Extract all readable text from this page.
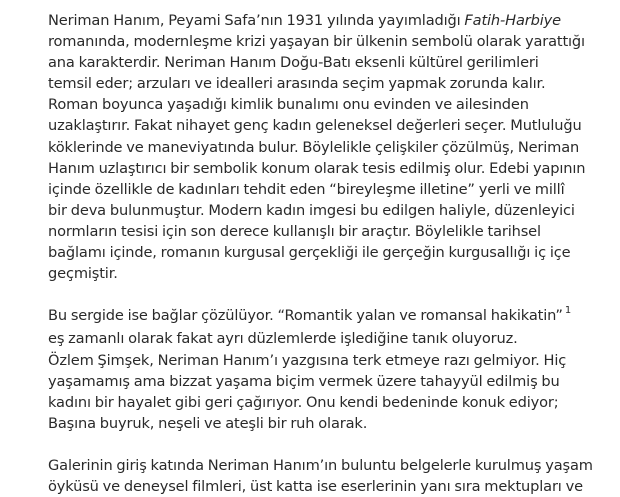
Neriman Hanım, Peyami Safa’nın 1931 yılında yayımladığı Fatih-Harbiye
romanında, modernleşme krizi yaşayan bir ülkenin sembolü olarak yarattığı
ana karakterdir. Neriman Hanım Doğu-Batı eksenli kültürel gerilimleri
temsil eder; arzuları ve idealleri arasında seçim yapmak zorunda kalır.
Roman boyunca yaşadığı kimlik bunalımı onu evinden ve ailesinden
uzaklaştırır. Fakat nihayet genç kadın geleneksel değerleri seçer. Mutluluğu
köklerinde ve maneviyatında bulur. Böylelikle çelişkiler çözülmüş, Neriman
Hanım uzlaştırıcı bir sembolik konum olarak tesis edilmiş olur. Edebi yapının
içinde özellikle de kadınları tehdit eden “bireyleşme illetine” yerli ve millî
bir deva bulunmuştur. Modern kadın imgesi bu edilgen haliyle, düzenleyici
normların tesisi için son derece kullanışlı bir araçtır. Böylelikle tarihsel
bağlamı içinde, romanın kurgusal gerçekliği ile gerçeğin kurgusallığı iç içe
geçmiştir.
Bu sergide ise bağlar çözülüyor. “Romantik yalan ve romansal hakikatin” $^1$
eş zamanlı olarak fakat ayrı düzlemlerde işlediğine tanık oluyoruz.
Özlem Şimşek, Neriman Hanım’ı yazgısına terk etmeye razı gelmiyor. Hiç
yaşamamış ama bizzat yaşama biçim vermek üzere tahayyül edilmiş bu
kadını bir hayalet gibi geri çağırıyor. Onu kendi bedeninde konuk ediyor;
Başına buyruk, neşeli ve ateşli bir ruh olarak.
Galerinin giriş katında Neriman Hanım’ın buluntu belgelerle kurulmuş yaşam
öyküsü ve deneysel filmleri, üst katta ise eserlerinin yanı sıra mektupları ve
